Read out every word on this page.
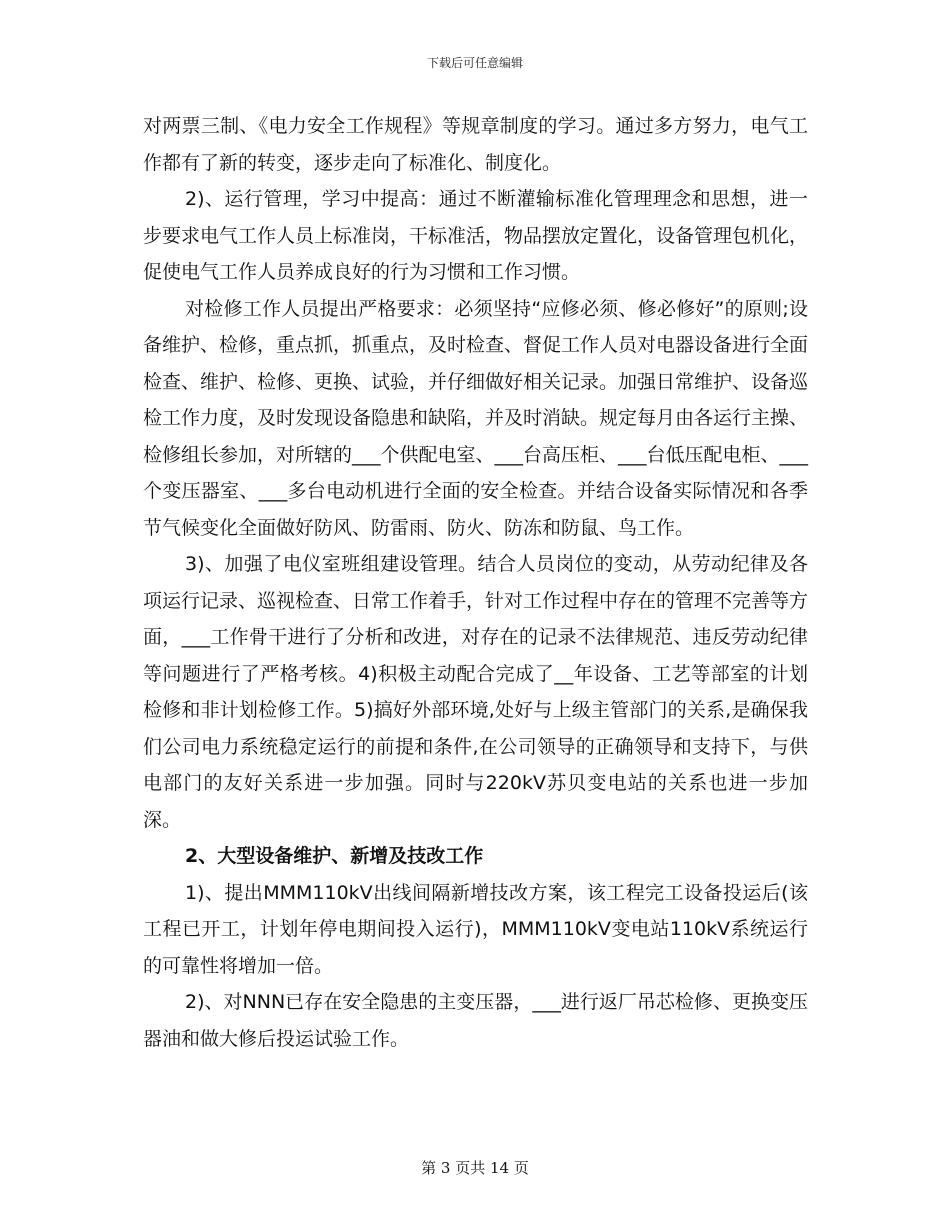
下载后可任意编辑

对两票三制、《电力安全工作规程》等规章制度的学习。通过多方努力，电气工作都有了新的转变，逐步走向了标准化、制度化。

2)、运行管理，学习中提高：通过不断灌输标准化管理理念和思想，进一步要求电气工作人员上标准岗，干标准活，物品摆放定置化，设备管理包机化，促使电气工作人员养成良好的行为习惯和工作习惯。

对检修工作人员提出严格要求：必须坚持“应修必须、修必修好”的原则;设备维护、检修，重点抓，抓重点，及时检查、督促工作人员对电器设备进行全面检查、维护、检修、更换、试验，并仔细做好相关记录。加强日常维护、设备巡检工作力度，及时发现设备隐患和缺陷，并及时消缺。规定每月由各运行主操、检修组长参加，对所辖的___个供配电室、___台高压柜、___台低压配电柜、___个变压器室、___多台电动机进行全面的安全检查。并结合设备实际情况和各季节气候变化全面做好防风、防雷雨、防火、防冻和防鼠、鸟工作。

3)、加强了电仪室班组建设管理。结合人员岗位的变动，从劳动纪律及各项运行记录、巡视检查、日常工作着手，针对工作过程中存在的管理不完善等方面，___工作骨干进行了分析和改进，对存在的记录不法律规范、违反劳动纪律等问题进行了严格考核。4)积极主动配合完成了__年设备、工艺等部室的计划检修和非计划检修工作。5)搞好外部环境,处好与上级主管部门的关系,是确保我们公司电力系统稳定运行的前提和条件,在公司领导的正确领导和支持下，与供电部门的友好关系进一步加强。同时与220kV苏贝变电站的关系也进一步加深。

2、大型设备维护、新增及技改工作

1)、提出MMM110kV出线间隔新增技改方案，该工程完工设备投运后(该工程已开工，计划年停电期间投入运行)，MMM110kV变电站110kV系统运行的可靠性将增加一倍。

2)、对NNN已存在安全隐患的主变压器，___进行返厂吊芯检修、更换变压器油和做大修后投运试验工作。

第 3 页共 14 页
